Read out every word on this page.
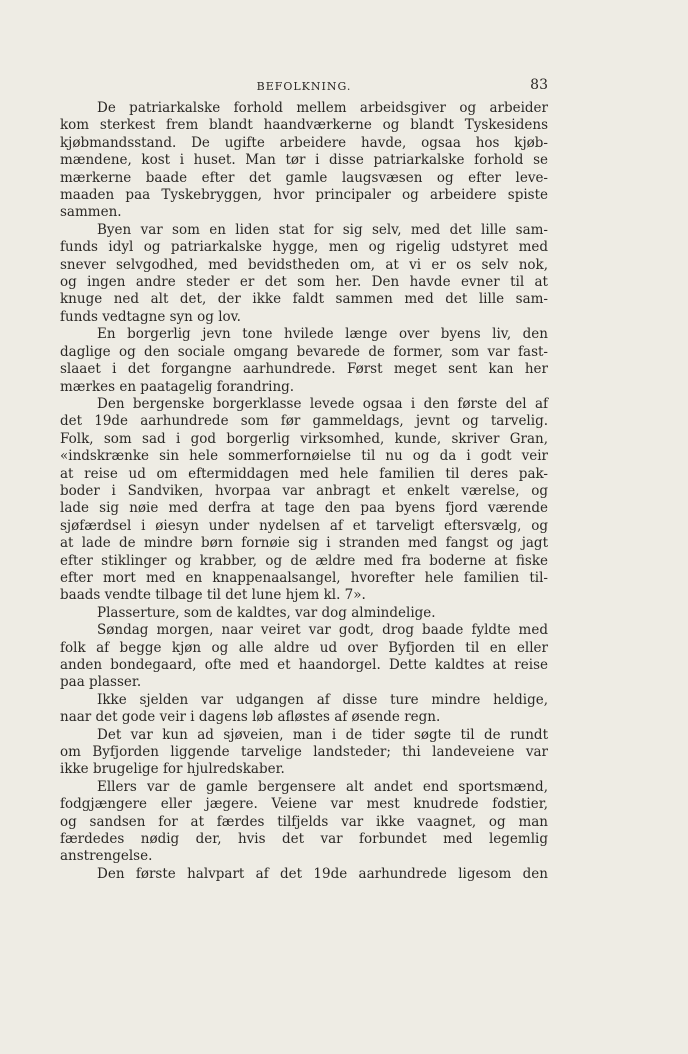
BEFOLKNING.	83
De patriarkalske forhold mellem arbeidsgiver og arbeider
kom sterkest frem blandt haandværkerne og blandt Tyskesidens
kjøbmandsstand. De ugifte arbeidere havde, ogsaa hos kjøb-
mændene, kost i huset. Man tør i disse patriarkalske forhold se
mærkerne baade efter det gamle laugsvæsen og efter leve-
maaden paa Tyskebryggen, hvor principaler og arbeidere spiste
sammen.
Byen var som en liden stat for sig selv, med det lille sam-
funds idyl og patriarkalske hygge, men og rigelig udstyret med
snever selvgodhed, med bevidstheden om, at vi er os selv nok,
og ingen andre steder er det som her. Den havde evner til at
knuge ned alt det, der ikke faldt sammen med det lille sam-
funds vedtagne syn og lov.
En borgerlig jevn tone hvilede længe over byens liv, den
daglige og den sociale omgang bevarede de former, som var fast-
slaaet i det forgangne aarhundrede. Først meget sent kan her
mærkes en paatagelig forandring.
Den bergenske borgerklasse levede ogsaa i den første del af
det 19de aarhundrede som før gammeldags, jevnt og tarvelig.
Folk, som sad i god borgerlig virksomhed, kunde, skriver Gran,
«indskrænke sin hele sommerfornøielse til nu og da i godt veir
at reise ud om eftermiddagen med hele familien til deres pak-
boder i Sandviken, hvorpaa var anbragt et enkelt værelse, og
lade sig nøie med derfra at tage den paa byens fjord værende
sjøfærdsel i øiesyn under nydelsen af et tarveligt eftersvælg, og
at lade de mindre børn fornøie sig i stranden med fangst og jagt
efter stiklinger og krabber, og de ældre med fra boderne at fiske
efter mort med en knappenaalsangel, hvorefter hele familien til-
baads vendte tilbage til det lune hjem kl. 7».
Plasserture, som de kaldtes, var dog almindelige.
Søndag morgen, naar veiret var godt, drog baade fyldte med
folk af begge kjøn og alle aldre ud over Byfjorden til en eller
anden bondegaard, ofte med et haandorgel. Dette kaldtes at reise
paa plasser.
Ikke sjelden var udgangen af disse ture mindre heldige,
naar det gode veir i dagens løb afløstes af øsende regn.
Det var kun ad sjøveien, man i de tider søgte til de rundt
om Byfjorden liggende tarvelige landsteder; thi landeveiene var
ikke brugelige for hjulredskaber.
Ellers var de gamle bergensere alt andet end sportsmænd,
fodgjængere eller jægere. Veiene var mest knudrede fodstier,
og sandsen for at færdes tilfjelds var ikke vaagnet, og man
færdedes nødig der, hvis det var forbundet med legemlig
anstrengelse.
Den første halvpart af det 19de aarhundrede ligesom den
